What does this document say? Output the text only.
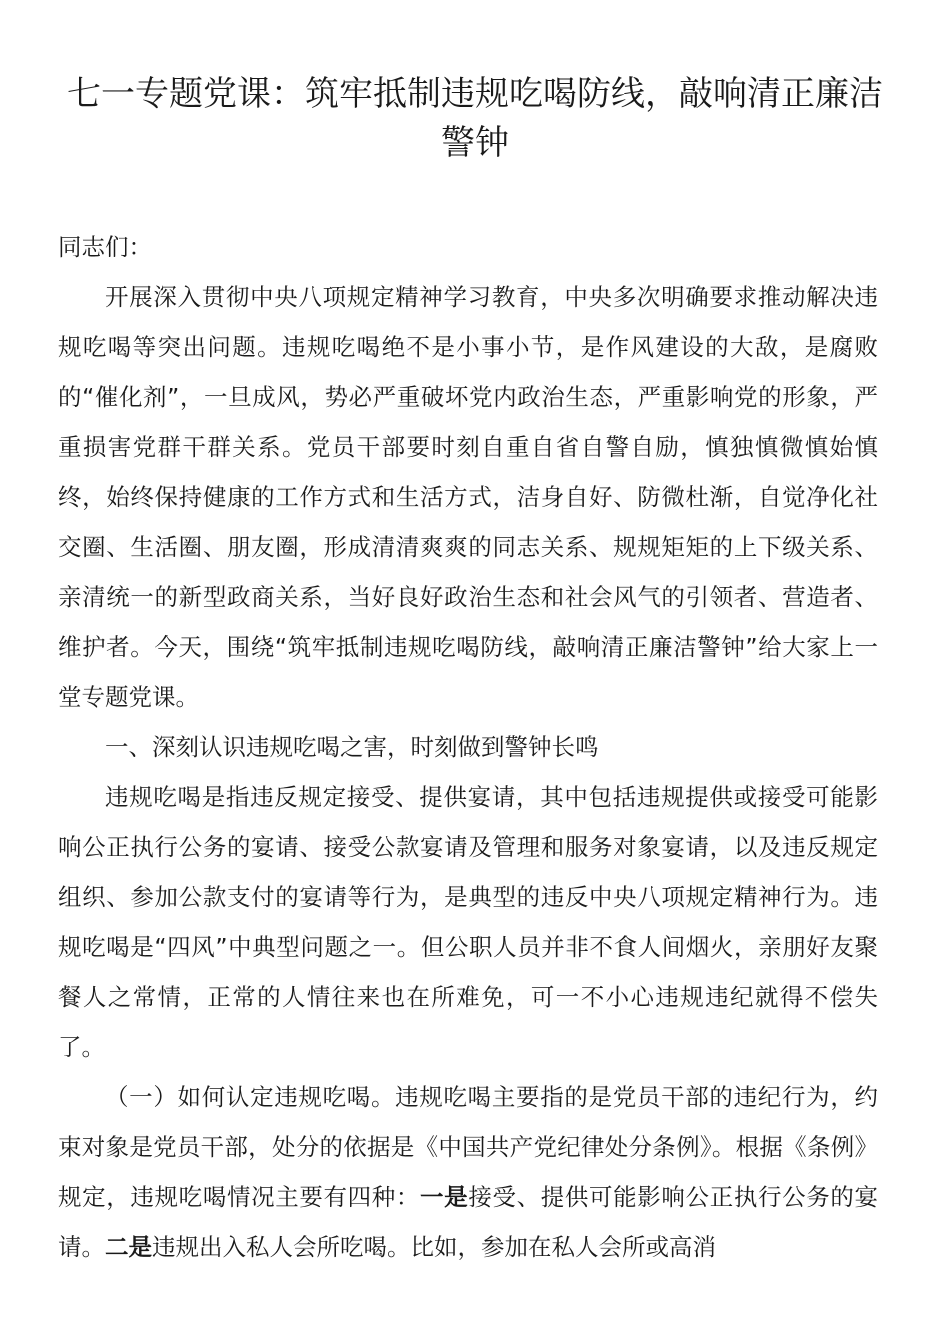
七一专题党课：筑牢抵制违规吃喝防线，敲响清正廉洁警钟

同志们：

开展深入贯彻中央八项规定精神学习教育，中央多次明确要求推动解决违规吃喝等突出问题。违规吃喝绝不是小事小节，是作风建设的大敌，是腐败的“催化剂”，一旦成风，势必严重破坏党内政治生态，严重影响党的形象，严重损害党群干群关系。党员干部要时刻自重自省自警自励，慎独慎微慎始慎终，始终保持健康的工作方式和生活方式，洁身自好、防微杜渐，自觉净化社交圈、生活圈、朋友圈，形成清清爽爽的同志关系、规规矩矩的上下级关系、亲清统一的新型政商关系，当好良好政治生态和社会风气的引领者、营造者、维护者。今天，围绕“筑牢抵制违规吃喝防线，敲响清正廉洁警钟”给大家上一堂专题党课。

一、深刻认识违规吃喝之害，时刻做到警钟长鸣

违规吃喝是指违反规定接受、提供宴请，其中包括违规提供或接受可能影响公正执行公务的宴请、接受公款宴请及管理和服务对象宴请，以及违反规定组织、参加公款支付的宴请等行为，是典型的违反中央八项规定精神行为。违规吃喝是“四风”中典型问题之一。但公职人员并非不食人间烟火，亲朋好友聚餐人之常情，正常的人情往来也在所难免，可一不小心违规违纪就得不偿失了。

（一）如何认定违规吃喝。违规吃喝主要指的是党员干部的违纪行为，约束对象是党员干部，处分的依据是《中国共产党纪律处分条例》。根据《条例》规定，违规吃喝情况主要有四种：一是接受、提供可能影响公正执行公务的宴请。二是违规出入私人会所吃喝。比如，参加在私人会所或高消
